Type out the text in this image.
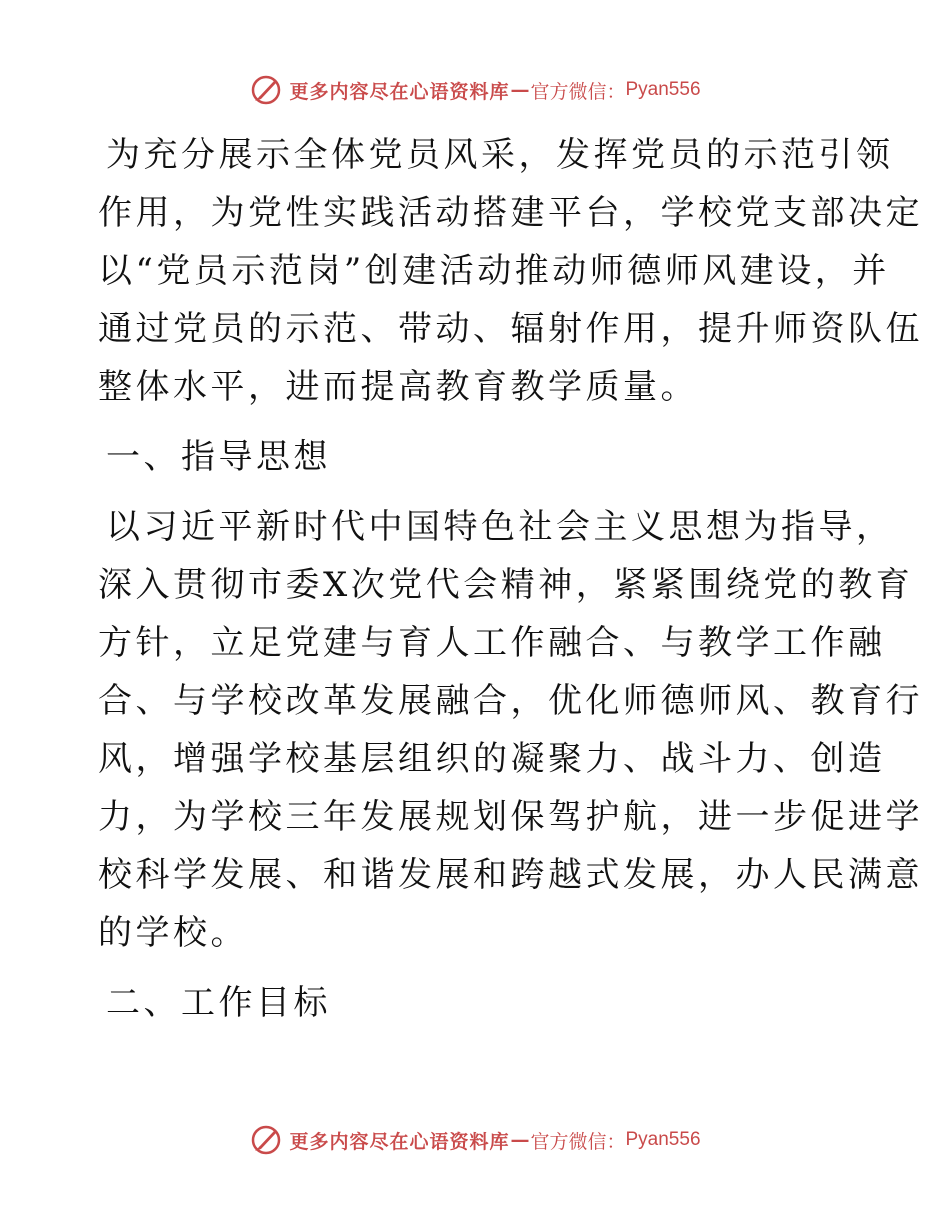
更多内容尽在心语资料库 — 官方微信： Pyan556
为充分展示全体党员风采，发挥党员的示范引领
作用，为党性实践活动搭建平台，学校党支部决定
以“党员示范岗”创建活动推动师德师风建设，并
通过党员的示范、带动、辐射作用，提升师资队伍
整体水平，进而提高教育教学质量。
一、指导思想
以习近平新时代中国特色社会主义思想为指导，
深入贯彻市委X次党代会精神，紧紧围绕党的教育
方针，立足党建与育人工作融合、与教学工作融
合、与学校改革发展融合，优化师德师风、教育行
风，增强学校基层组织的凝聚力、战斗力、创造
力，为学校三年发展规划保驾护航，进一步促进学
校科学发展、和谐发展和跨越式发展，办人民满意
的学校。
二、工作目标
更多内容尽在心语资料库 — 官方微信： Pyan556
